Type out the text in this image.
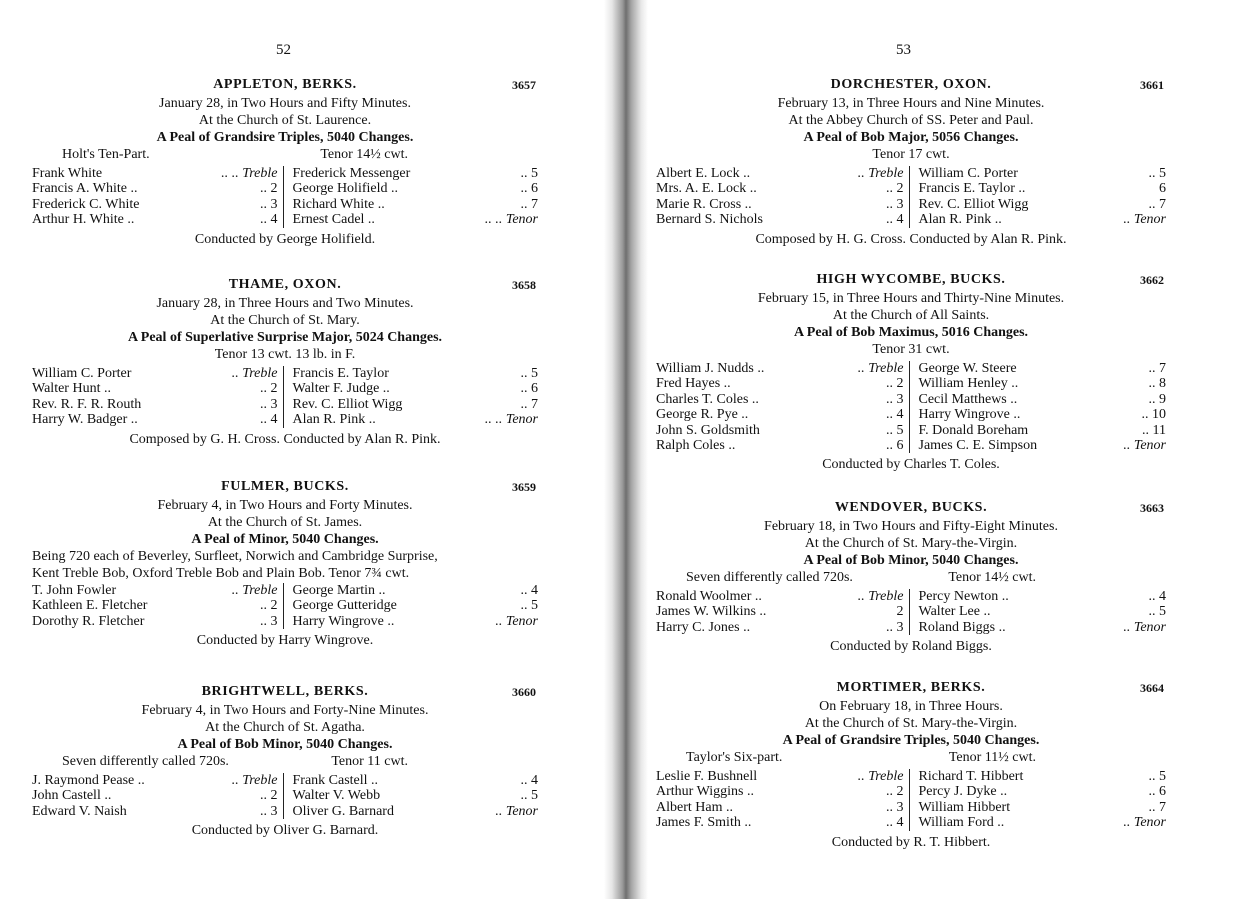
52
APPLETON, BERKS.	3657
January 28, in Two Hours and Fifty Minutes.
At the Church of St. Laurence.
A Peal of Grandsire Triples, 5040 Changes.
Holt's Ten-Part.	Tenor 14½ cwt.
Frank White	.. .. Treble
Francis A. White ..	.. 2
Frederick C. White	.. 3
Arthur H. White ..	.. 4
Frederick Messenger	.. 5
George Holifield ..	.. 6
Richard White ..	.. 7
Ernest Cadel ..	.. .. Tenor
Conducted by George Holifield.
THAME, OXON.	3658
January 28, in Three Hours and Two Minutes.
At the Church of St. Mary.
A Peal of Superlative Surprise Major, 5024 Changes.
Tenor 13 cwt. 13 lb. in F.
William C. Porter	.. Treble
Walter Hunt ..	.. 2
Rev. R. F. R. Routh	.. 3
Harry W. Badger ..	.. 4
Francis E. Taylor	.. 5
Walter F. Judge ..	.. 6
Rev. C. Elliot Wigg	.. 7
Alan R. Pink ..	.. .. Tenor
Composed by G. H. Cross. Conducted by Alan R. Pink.
FULMER, BUCKS.	3659
February 4, in Two Hours and Forty Minutes.
At the Church of St. James.
A Peal of Minor, 5040 Changes.
Being 720 each of Beverley, Surfleet, Norwich and Cambridge Surprise,
Kent Treble Bob, Oxford Treble Bob and Plain Bob. Tenor 7¾ cwt.
T. John Fowler	.. Treble
Kathleen E. Fletcher	.. 2
Dorothy R. Fletcher	.. 3
George Martin ..	.. 4
George Gutteridge	.. 5
Harry Wingrove ..	.. Tenor
Conducted by Harry Wingrove.
BRIGHTWELL, BERKS.	3660
February 4, in Two Hours and Forty-Nine Minutes.
At the Church of St. Agatha.
A Peal of Bob Minor, 5040 Changes.
Seven differently called 720s.	Tenor 11 cwt.
J. Raymond Pease ..	.. Treble
John Castell ..	.. 2
Edward V. Naish	.. 3
Frank Castell ..	.. 4
Walter V. Webb	.. 5
Oliver G. Barnard	.. Tenor
Conducted by Oliver G. Barnard.
53
DORCHESTER, OXON.	3661
February 13, in Three Hours and Nine Minutes.
At the Abbey Church of SS. Peter and Paul.
A Peal of Bob Major, 5056 Changes.
Tenor 17 cwt.
Albert E. Lock ..	.. Treble
Mrs. A. E. Lock ..	.. 2
Marie R. Cross ..	.. 3
Bernard S. Nichols	.. 4
William C. Porter	.. 5
Francis E. Taylor ..	6
Rev. C. Elliot Wigg	.. 7
Alan R. Pink ..	.. Tenor
Composed by H. G. Cross. Conducted by Alan R. Pink.
HIGH WYCOMBE, BUCKS.	3662
February 15, in Three Hours and Thirty-Nine Minutes.
At the Church of All Saints.
A Peal of Bob Maximus, 5016 Changes.
Tenor 31 cwt.
William J. Nudds ..	.. Treble
Fred Hayes ..	.. 2
Charles T. Coles ..	.. 3
George R. Pye ..	.. 4
John S. Goldsmith	.. 5
Ralph Coles ..	.. 6
George W. Steere	.. 7
William Henley ..	.. 8
Cecil Matthews ..	.. 9
Harry Wingrove ..	.. 10
F. Donald Boreham	.. 11
James C. E. Simpson	.. Tenor
Conducted by Charles T. Coles.
WENDOVER, BUCKS.	3663
February 18, in Two Hours and Fifty-Eight Minutes.
At the Church of St. Mary-the-Virgin.
A Peal of Bob Minor, 5040 Changes.
Seven differently called 720s.	Tenor 14½ cwt.
Ronald Woolmer ..	.. Treble
James W. Wilkins ..	2
Harry C. Jones ..	.. 3
Percy Newton ..	.. 4
Walter Lee ..	.. 5
Roland Biggs ..	.. Tenor
Conducted by Roland Biggs.
MORTIMER, BERKS.	3664
On February 18, in Three Hours.
At the Church of St. Mary-the-Virgin.
A Peal of Grandsire Triples, 5040 Changes.
Taylor's Six-part.	Tenor 11½ cwt.
Leslie F. Bushnell	.. Treble
Arthur Wiggins ..	.. 2
Albert Ham ..	.. 3
James F. Smith ..	.. 4
Richard T. Hibbert	.. 5
Percy J. Dyke ..	.. 6
William Hibbert	.. 7
William Ford ..	.. Tenor
Conducted by R. T. Hibbert.
